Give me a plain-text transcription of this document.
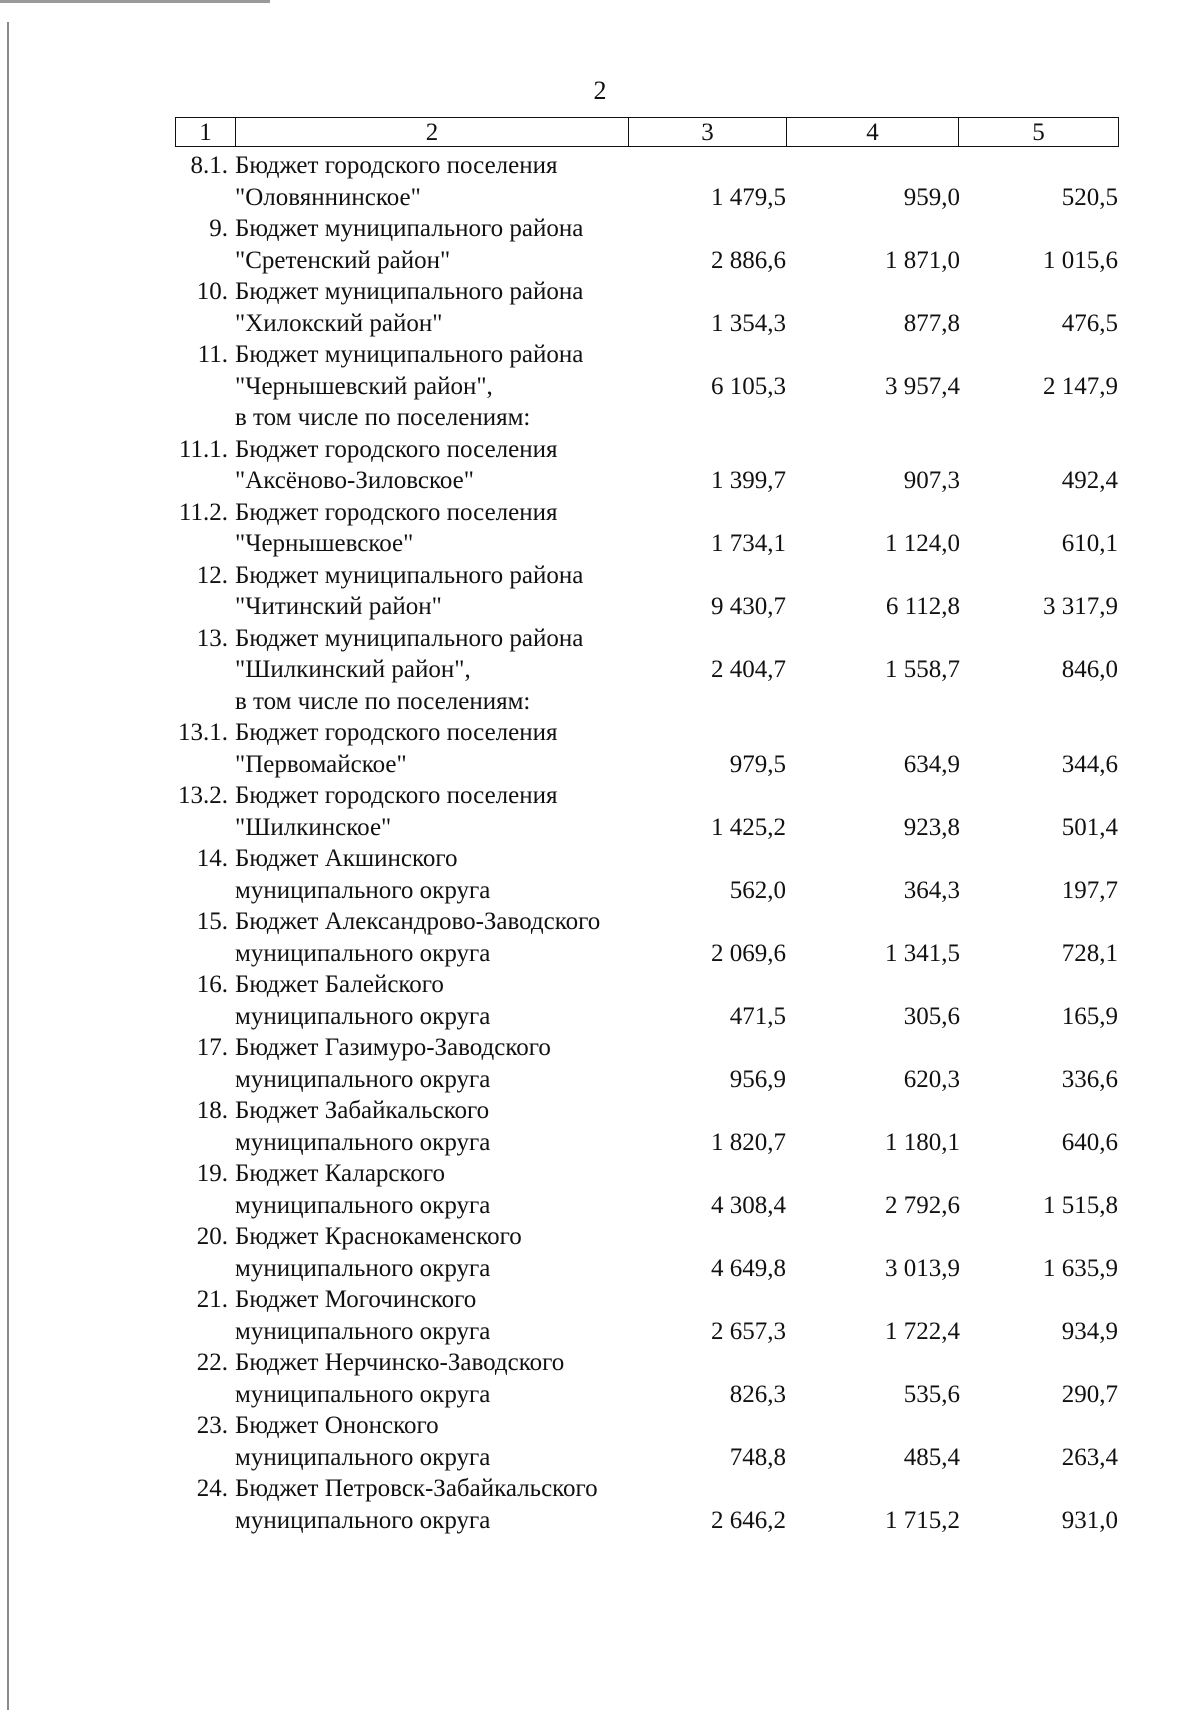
2
1	2	3	4	5
8.1. Бюджет городского поселения
"Оловяннинское"	1 479,5	959,0	520,5
9. Бюджет муниципального района
"Сретенский район"	2 886,6	1 871,0	1 015,6
10. Бюджет муниципального района
"Хилокский район"	1 354,3	877,8	476,5
11. Бюджет муниципального района
"Чернышевский район",	6 105,3	3 957,4	2 147,9
в том числе по поселениям:
11.1. Бюджет городского поселения
"Аксёново-Зиловское"	1 399,7	907,3	492,4
11.2. Бюджет городского поселения
"Чернышевское"	1 734,1	1 124,0	610,1
12. Бюджет муниципального района
"Читинский район"	9 430,7	6 112,8	3 317,9
13. Бюджет муниципального района
"Шилкинский район",	2 404,7	1 558,7	846,0
в том числе по поселениям:
13.1. Бюджет городского поселения
"Первомайское"	979,5	634,9	344,6
13.2. Бюджет городского поселения
"Шилкинское"	1 425,2	923,8	501,4
14. Бюджет Акшинского
муниципального округа	562,0	364,3	197,7
15. Бюджет Александрово-Заводского
муниципального округа	2 069,6	1 341,5	728,1
16. Бюджет Балейского
муниципального округа	471,5	305,6	165,9
17. Бюджет Газимуро-Заводского
муниципального округа	956,9	620,3	336,6
18. Бюджет Забайкальского
муниципального округа	1 820,7	1 180,1	640,6
19. Бюджет Каларского
муниципального округа	4 308,4	2 792,6	1 515,8
20. Бюджет Краснокаменского
муниципального округа	4 649,8	3 013,9	1 635,9
21. Бюджет Могочинского
муниципального округа	2 657,3	1 722,4	934,9
22. Бюджет Нерчинско-Заводского
муниципального округа	826,3	535,6	290,7
23. Бюджет Ононского
муниципального округа	748,8	485,4	263,4
24. Бюджет Петровск-Забайкальского
муниципального округа	2 646,2	1 715,2	931,0
